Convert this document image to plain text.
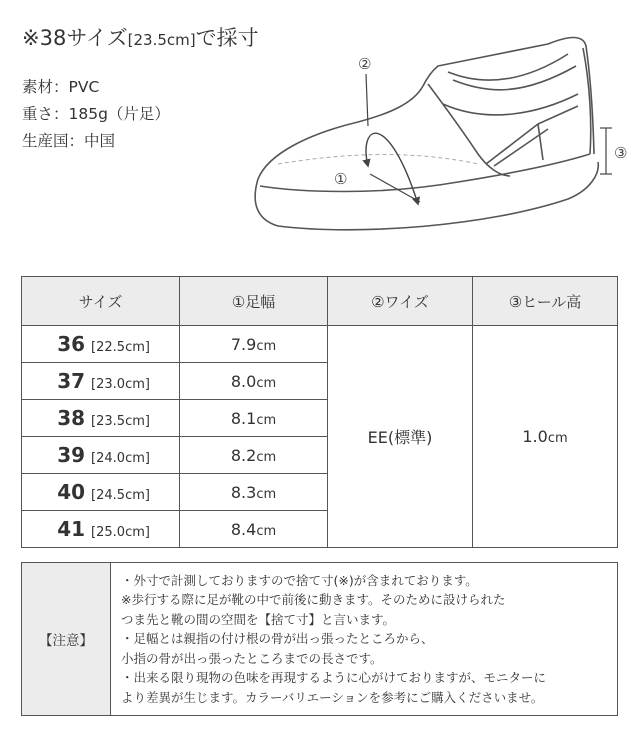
※38サイズ[23.5cm]で採寸
素材：PVC
重さ：185g（片足）
生産国：中国
②
①
③
サイズ	①足幅	②ワイズ	③ヒール高
36 [22.5cm]	7.9cm	EE(標準)	1.0cm
37 [23.0cm]	8.0cm		
38 [23.5cm]	8.1cm		
39 [24.0cm]	8.2cm		
40 [24.5cm]	8.3cm		
41 [25.0cm]	8.4cm		
【注意】	
・外寸で計測しておりますので捨て寸(※)が含まれております。
※歩行する際に足が靴の中で前後に動きます。そのために設けられた
つま先と靴の間の空間を【捨て寸】と言います。
・足幅とは親指の付け根の骨が出っ張ったところから、
小指の骨が出っ張ったところまでの長さです。
・出来る限り現物の色味を再現するように心がけておりますが、モニターに
より差異が生じます。カラーバリエーションを参考にご購入くださいませ。
